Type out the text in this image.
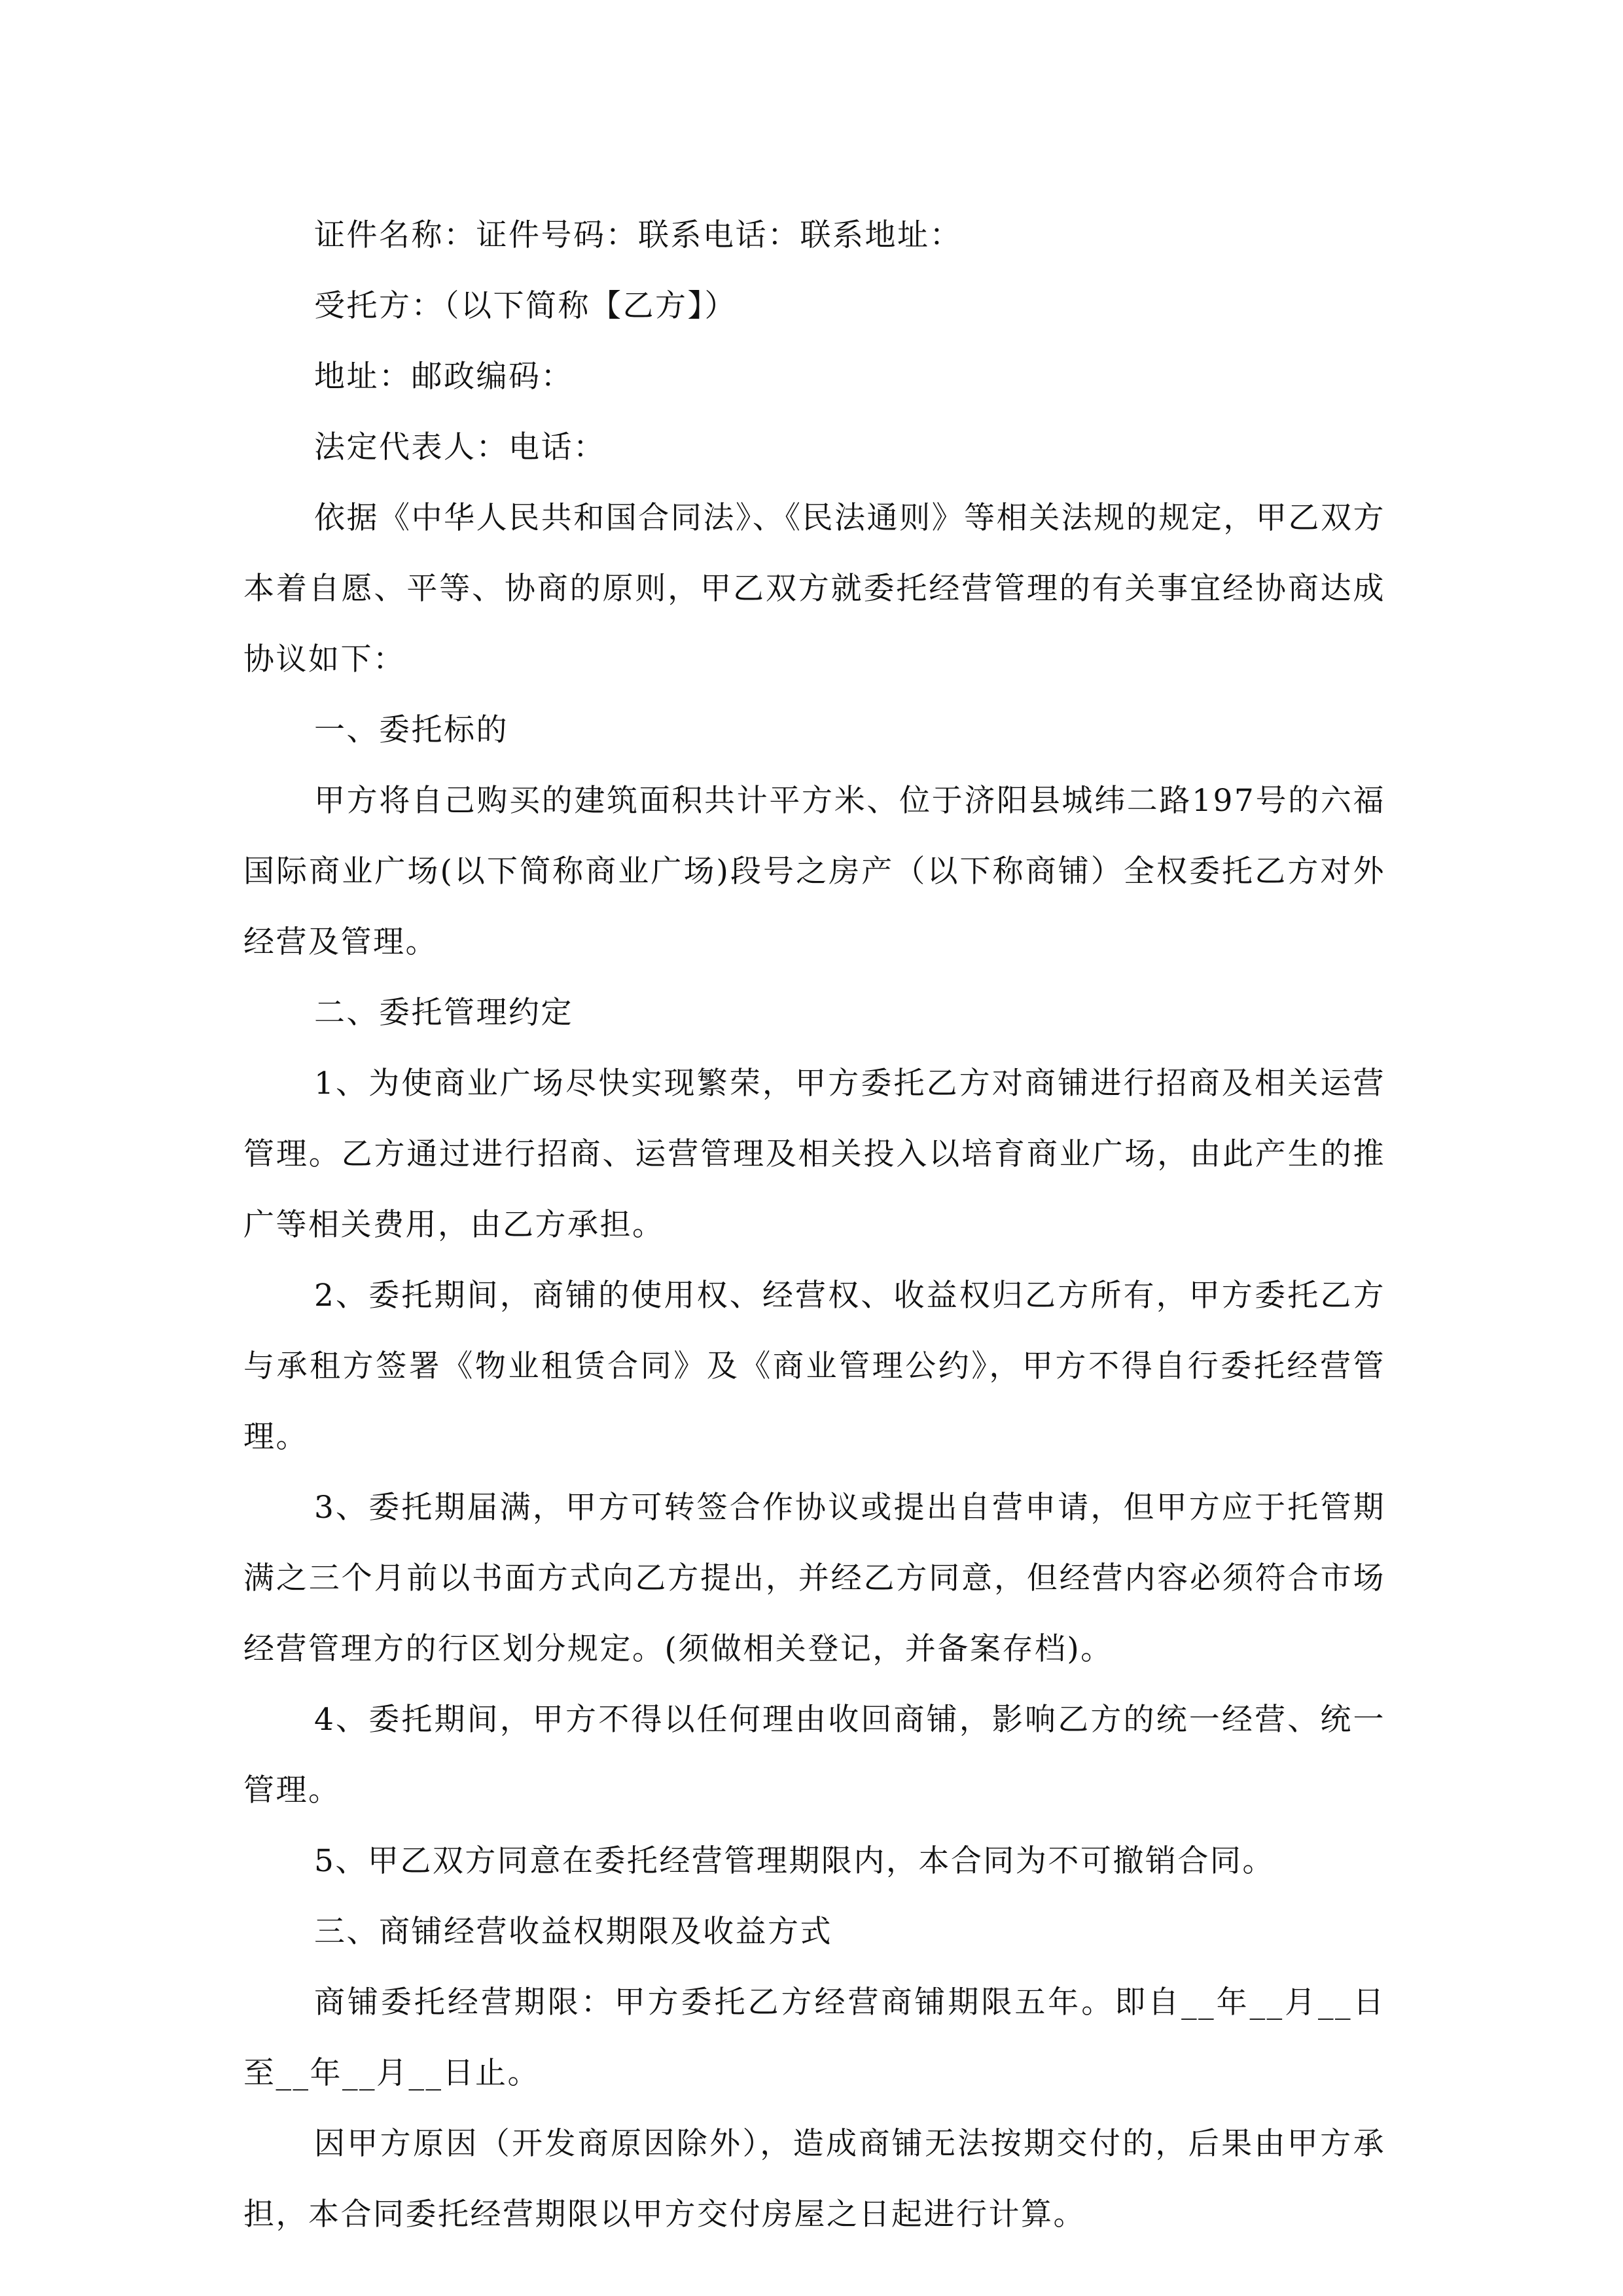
证件名称：证件号码：联系电话：联系地址：

受托方：（以下简称【乙方】）

地址：邮政编码：

法定代表人：电话：

依据《中华人民共和国合同法》、《民法通则》等相关法规的规定，甲乙双方本着自愿、平等、协商的原则，甲乙双方就委托经营管理的有关事宜经协商达成协议如下：

一、委托标的

甲方将自己购买的建筑面积共计平方米、位于济阳县城纬二路197号的六福国际商业广场(以下简称商业广场)段号之房产（以下称商铺）全权委托乙方对外经营及管理。

二、委托管理约定

1、为使商业广场尽快实现繁荣，甲方委托乙方对商铺进行招商及相关运营管理。乙方通过进行招商、运营管理及相关投入以培育商业广场，由此产生的推广等相关费用，由乙方承担。

2、委托期间，商铺的使用权、经营权、收益权归乙方所有，甲方委托乙方与承租方签署《物业租赁合同》及《商业管理公约》，甲方不得自行委托经营管理。

3、委托期届满，甲方可转签合作协议或提出自营申请，但甲方应于托管期满之三个月前以书面方式向乙方提出，并经乙方同意，但经营内容必须符合市场经营管理方的行区划分规定。(须做相关登记，并备案存档)。

4、委托期间，甲方不得以任何理由收回商铺，影响乙方的统一经营、统一管理。

5、甲乙双方同意在委托经营管理期限内，本合同为不可撤销合同。

三、商铺经营收益权期限及收益方式

商铺委托经营期限：甲方委托乙方经营商铺期限五年。即自__年__月__日至__年__月__日止。

因甲方原因（开发商原因除外），造成商铺无法按期交付的，后果由甲方承担，本合同委托经营期限以甲方交付房屋之日起进行计算。
